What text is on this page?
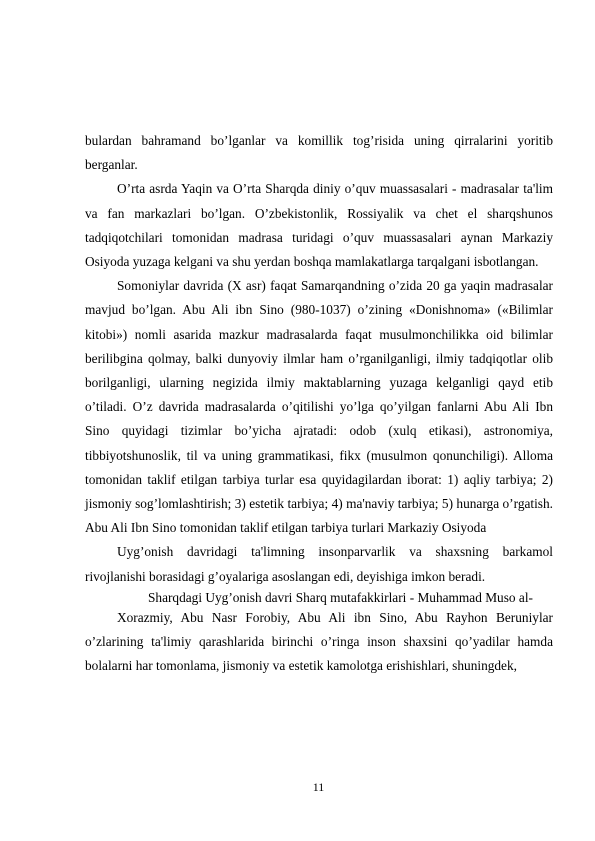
bulardan bahramand bo’lganlar va komillik tog’risida uning qirralarini yoritib berganlar.

O’rta asrda Yaqin va O’rta Sharqda diniy o’quv muassasalari - madrasalar ta'lim va fan markazlari bo’lgan. O’zbekistonlik, Rossiyalik va chet el sharqshunos tadqiqotchilari tomonidan madrasa turidagi o’quv muassasalari aynan Markaziy Osiyoda yuzaga kelgani va shu yerdan boshqa mamlakatlarga tarqalgani isbotlangan.

Somoniylar davrida (X asr) faqat Samarqandning o’zida 20 ga yaqin madrasalar mavjud bo’lgan. Abu Ali ibn Sino (980-1037) o’zining «Donishnoma» («Bilimlar kitobi») nomli asarida mazkur madrasalarda faqat musulmonchilikka oid bilimlar berilibgina qolmay, balki dunyoviy ilmlar ham o’rganilganligi, ilmiy tadqiqotlar olib borilganligi, ularning negizida ilmiy maktablarning yuzaga kelganligi qayd etib o’tiladi. O’z davrida madrasalarda o’qitilishi yo’lga qo’yilgan fanlarni Abu Ali Ibn Sino quyidagi tizimlar bo’yicha ajratadi: odob (xulq etikasi), astronomiya, tibbiyotshunoslik, til va uning grammatikasi, fikx (musulmon qonunchiligi). Alloma tomonidan taklif etilgan tarbiya turlar esa quyidagilardan iborat: 1) aqliy tarbiya; 2) jismoniy sog’lomlashtirish; 3) estetik tarbiya; 4) ma'naviy tarbiya; 5) hunarga o’rgatish. Abu Ali Ibn Sino tomonidan taklif etilgan tarbiya turlari Markaziy Osiyoda

Uyg’onish davridagi ta'limning insonparvarlik va shaxsning barkamol rivojlanishi borasidagi g’oyalariga asoslangan edi, deyishiga imkon beradi.

Sharqdagi Uyg’onish davri Sharq mutafakkirlari - Muhammad Muso al-

Xorazmiy, Abu Nasr Forobiy, Abu Ali ibn Sino, Abu Rayhon Beruniylar o’zlarining ta'limiy qarashlarida birinchi o’ringa inson shaxsini qo’yadilar hamda bolalarni har tomonlama, jismoniy va estetik kamolotga erishishlari, shuningdek,

11
